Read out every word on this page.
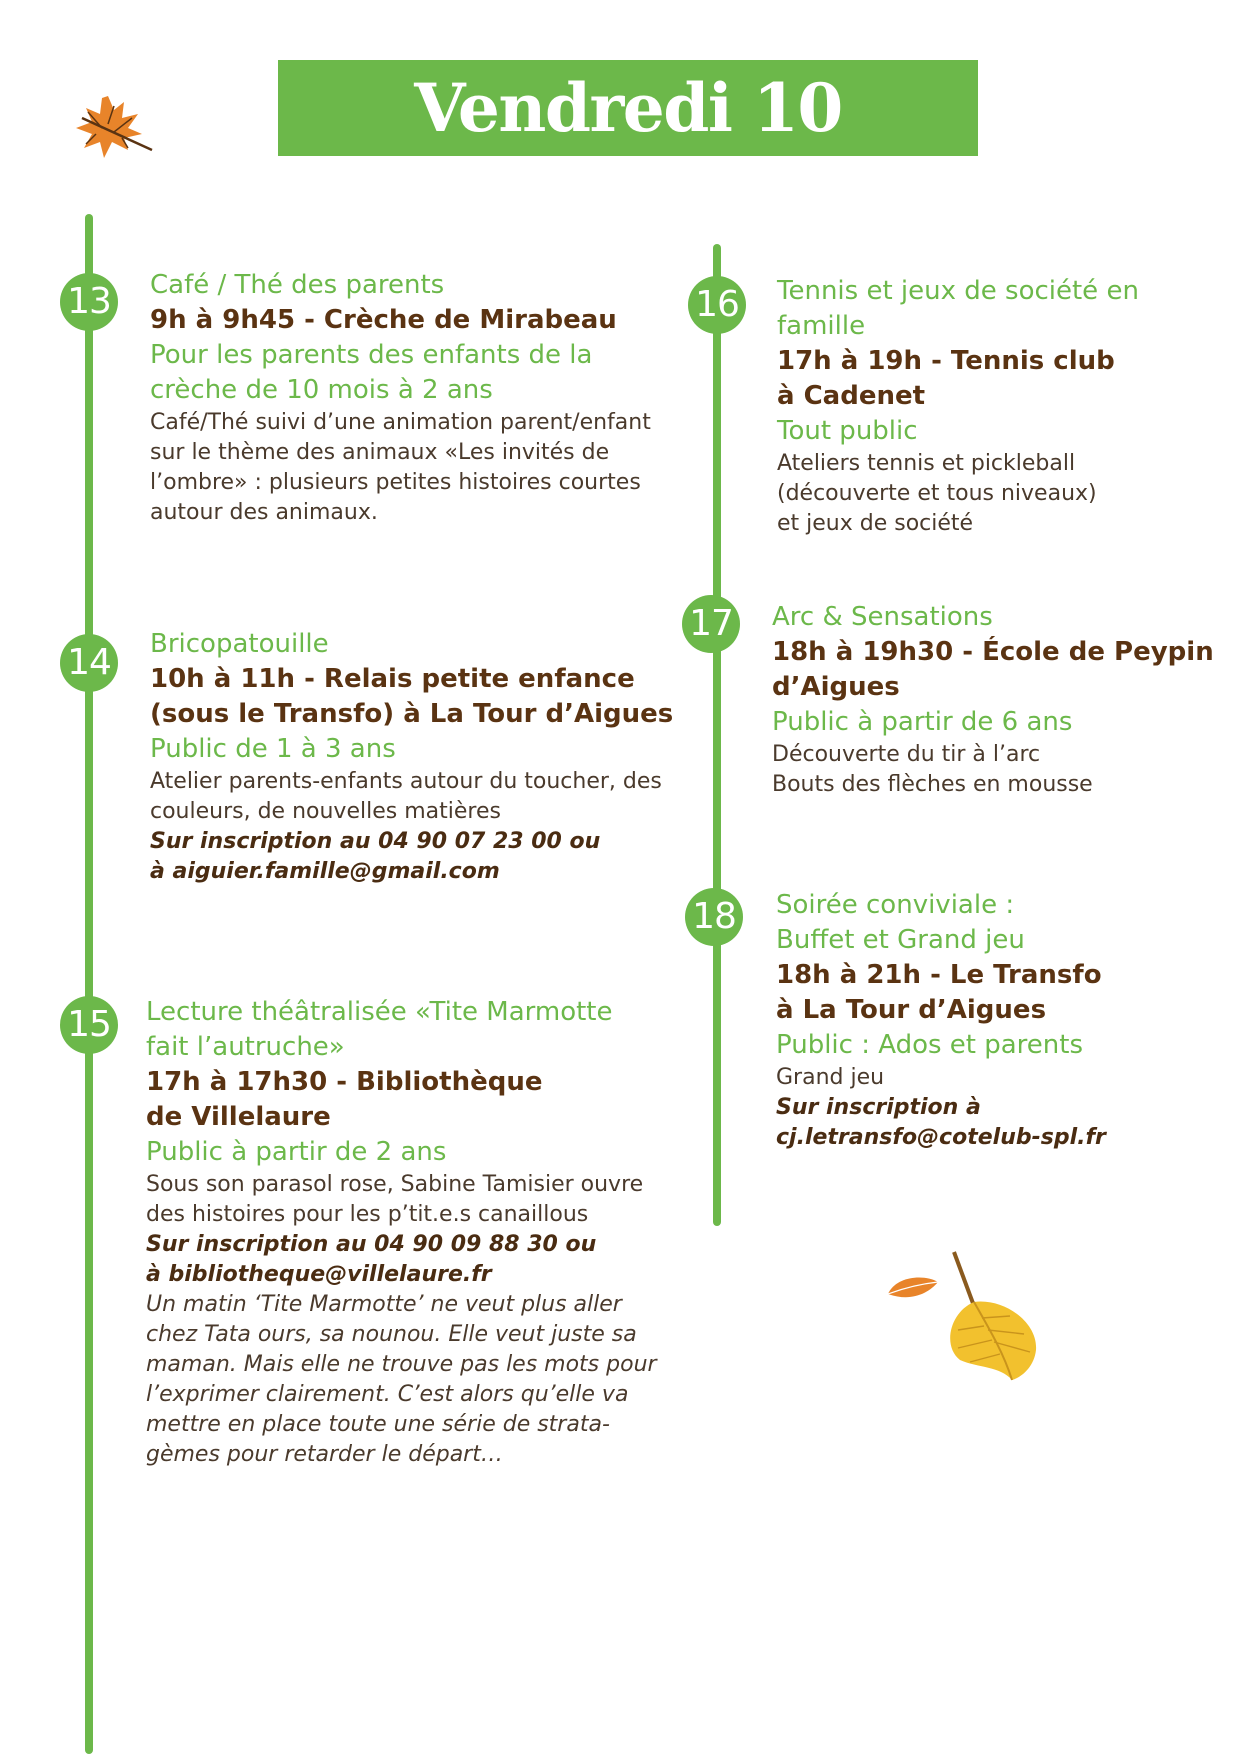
Vendredi 10 octobre
13 Café / Thé des parents
9h à 9h45 - Crèche de Mirabeau
Pour les parents des enfants de la
crèche de 10 mois à 2 ans
Café/Thé suivi d’une animation parent/enfant
sur le thème des animaux «Les invités de
l’ombre» : plusieurs petites histoires courtes
autour des animaux.
14 Bricopatouille
10h à 11h - Relais petite enfance
(sous le Transfo) à La Tour d’Aigues
Public de 1 à 3 ans
Atelier parents-enfants autour du toucher, des
couleurs, de nouvelles matières
Sur inscription au 04 90 07 23 00 ou
à aiguier.famille@gmail.com
15 Lecture théâtralisée «Tite Marmotte
fait l’autruche»
17h à 17h30 - Bibliothèque
de Villelaure
Public à partir de 2 ans
Sous son parasol rose, Sabine Tamisier ouvre
des histoires pour les p’tit.e.s canaillous
Sur inscription au 04 90 09 88 30 ou
à bibliotheque@villelaure.fr
Un matin ‘Tite Marmotte’ ne veut plus aller
chez Tata ours, sa nounou. Elle veut juste sa
maman. Mais elle ne trouve pas les mots pour
l’exprimer clairement. C’est alors qu’elle va
mettre en place toute une série de strata-
gèmes pour retarder le départ…
16 Tennis et jeux de société en
famille
17h à 19h - Tennis club
à Cadenet
Tout public
Ateliers tennis et pickleball
(découverte et tous niveaux)
et jeux de société
17 Arc & Sensations
18h à 19h30 - École de Peypin
d’Aigues
Public à partir de 6 ans
Découverte du tir à l’arc
Bouts des flèches en mousse
18 Soirée conviviale :
Buffet et Grand jeu
18h à 21h - Le Transfo
à La Tour d’Aigues
Public : Ados et parents
Grand jeu
Sur inscription à
cj.letransfo@cotelub-spl.fr
